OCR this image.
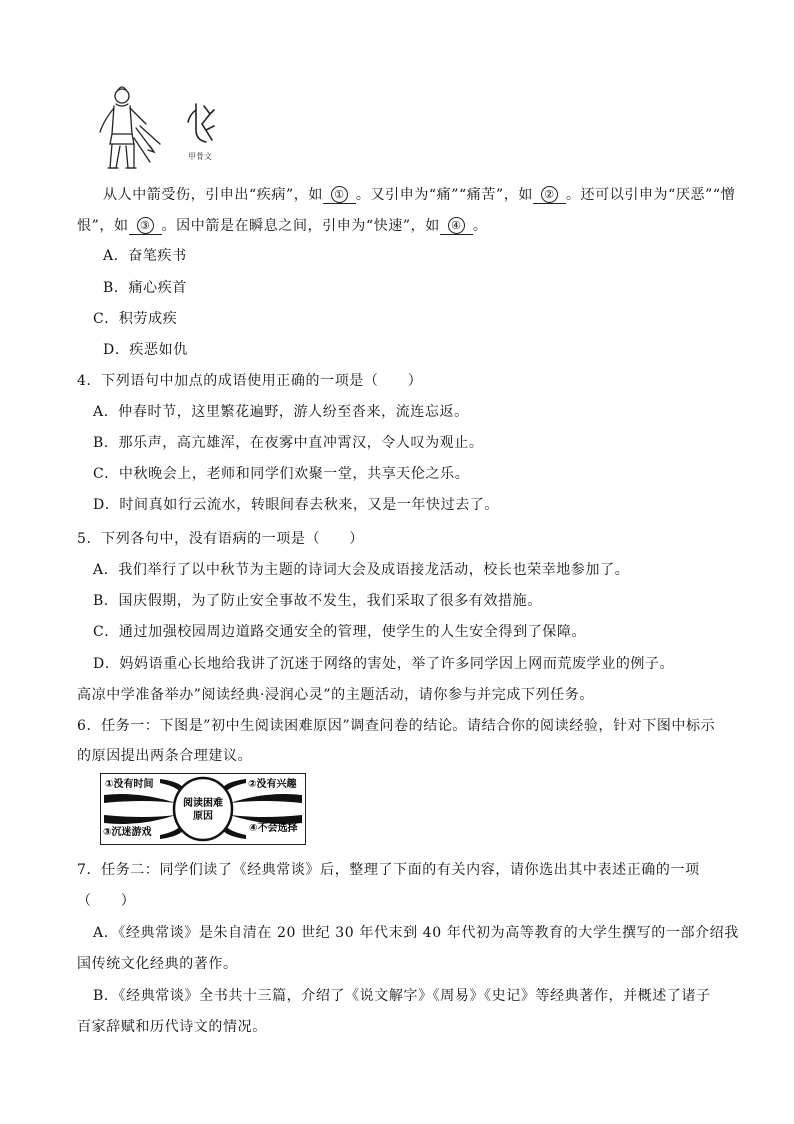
甲骨文
从人中箭受伤，引申出“疾病”，如 ① 。又引申为“痛”“痛苦”，如 ② 。还可以引申为“厌恶”“憎
恨”，如 ③ 。因中箭是在瞬息之间，引申为“快速”，如 ④ 。
A．奋笔疾书
B．痛心疾首
C．积劳成疾
D．疾恶如仇
4．下列语句中加点的成语使用正确的一项是（　　）
A．仲春时节，这里繁花遍野，游人纷至沓来，流连忘返。
B．那乐声，高亢雄浑，在夜雾中直冲霄汉，令人叹为观止。
C．中秋晚会上，老师和同学们欢聚一堂，共享天伦之乐。
D．时间真如行云流水，转眼间春去秋来，又是一年快过去了。
5．下列各句中，没有语病的一项是（　　）
A．我们举行了以中秋节为主题的诗词大会及成语接龙活动，校长也荣幸地参加了。
B．国庆假期，为了防止安全事故不发生，我们采取了很多有效措施。
C．通过加强校园周边道路交通安全的管理，使学生的人生安全得到了保障。
D．妈妈语重心长地给我讲了沉迷于网络的害处，举了许多同学因上网而荒废学业的例子。
高凉中学准备举办”阅读经典·浸润心灵”的主题活动，请你参与并完成下列任务。
6．任务一：下图是”初中生阅读困难原因”调查问卷的结论。请结合你的阅读经验，针对下图中标示
的原因提出两条合理建议。
阅读困难
原因
①没有时间	②没有兴趣
③沉迷游戏	④不会选择
7．任务二：同学们读了《经典常谈》后，整理了下面的有关内容，请你选出其中表述正确的一项
（　　）
A．《经典常谈》是朱自清在 20 世纪 30 年代末到 40 年代初为高等教育的大学生撰写的一部介绍我
国传统文化经典的著作。
B．《经典常谈》全书共十三篇，介绍了《说文解字》《周易》《史记》等经典著作，并概述了诸子
百家辞赋和历代诗文的情况。
